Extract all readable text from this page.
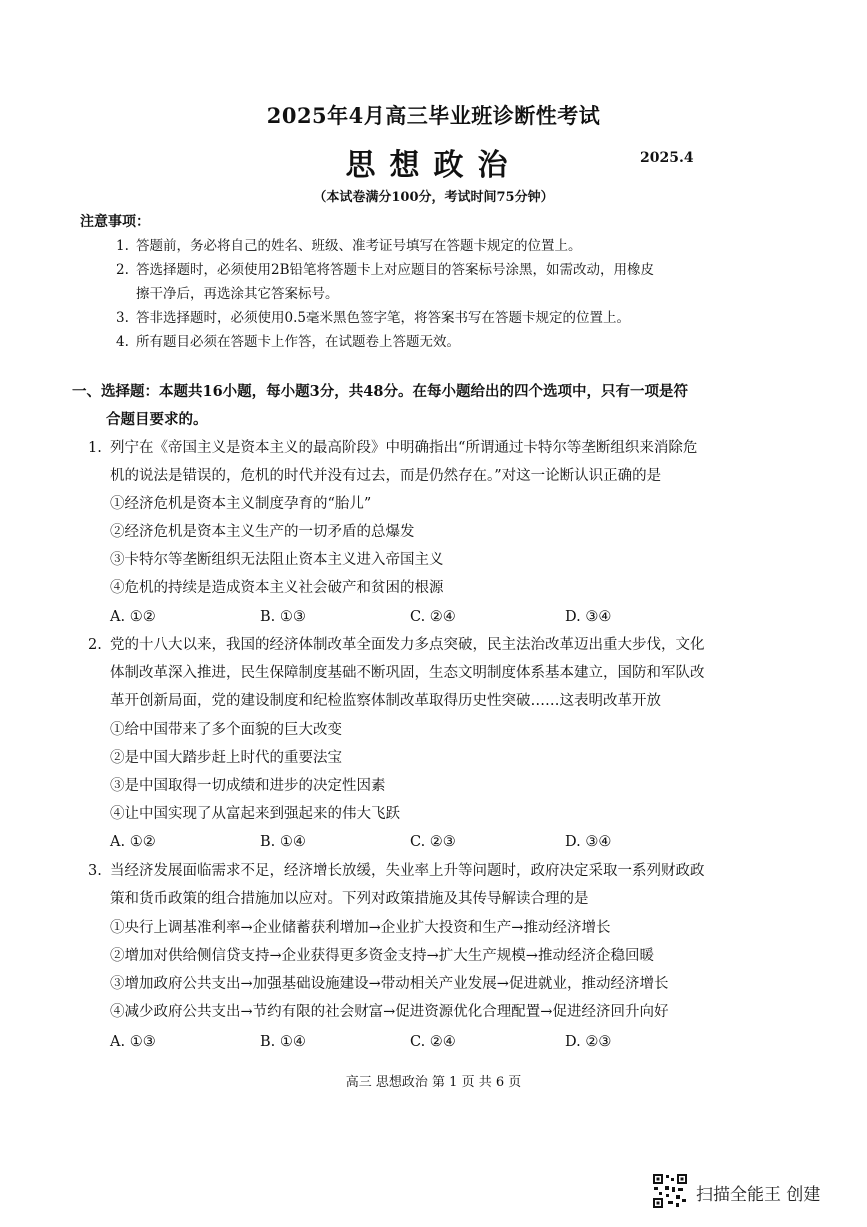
2025年4月高三毕业班诊断性考试
思想政治	2025.4
（本试卷满分100分，考试时间75分钟）
注意事项：
1. 答题前，务必将自己的姓名、班级、准考证号填写在答题卡规定的位置上。
2. 答选择题时，必须使用2B铅笔将答题卡上对应题目的答案标号涂黑，如需改动，用橡皮
擦干净后，再选涂其它答案标号。
3. 答非选择题时，必须使用0.5毫米黑色签字笔，将答案书写在答题卡规定的位置上。
4. 所有题目必须在答题卡上作答，在试题卷上答题无效。
一、选择题：本题共16小题，每小题3分，共48分。在每小题给出的四个选项中，只有一项是符
合题目要求的。
1. 列宁在《帝国主义是资本主义的最高阶段》中明确指出“所谓通过卡特尔等垄断组织来消除危
机的说法是错误的，危机的时代并没有过去，而是仍然存在。”对这一论断认识正确的是
①经济危机是资本主义制度孕育的“胎儿”
②经济危机是资本主义生产的一切矛盾的总爆发
③卡特尔等垄断组织无法阻止资本主义进入帝国主义
④危机的持续是造成资本主义社会破产和贫困的根源
A. ①②	B. ①③	C. ②④	D. ③④
2. 党的十八大以来，我国的经济体制改革全面发力多点突破，民主法治改革迈出重大步伐，文化
体制改革深入推进，民生保障制度基础不断巩固，生态文明制度体系基本建立，国防和军队改
革开创新局面，党的建设制度和纪检监察体制改革取得历史性突破……这表明改革开放
①给中国带来了多个面貌的巨大改变
②是中国大踏步赶上时代的重要法宝
③是中国取得一切成绩和进步的决定性因素
④让中国实现了从富起来到强起来的伟大飞跃
A. ①②	B. ①④	C. ②③	D. ③④
3. 当经济发展面临需求不足，经济增长放缓，失业率上升等问题时，政府决定采取一系列财政政
策和货币政策的组合措施加以应对。下列对政策措施及其传导解读合理的是
①央行上调基准利率→企业储蓄获利增加→企业扩大投资和生产→推动经济增长
②增加对供给侧信贷支持→企业获得更多资金支持→扩大生产规模→推动经济企稳回暖
③增加政府公共支出→加强基础设施建设→带动相关产业发展→促进就业，推动经济增长
④减少政府公共支出→节约有限的社会财富→促进资源优化合理配置→促进经济回升向好
A. ①③	B. ①④	C. ②④	D. ②③
高三 思想政治 第 1 页 共 6 页
扫描全能王 创建
